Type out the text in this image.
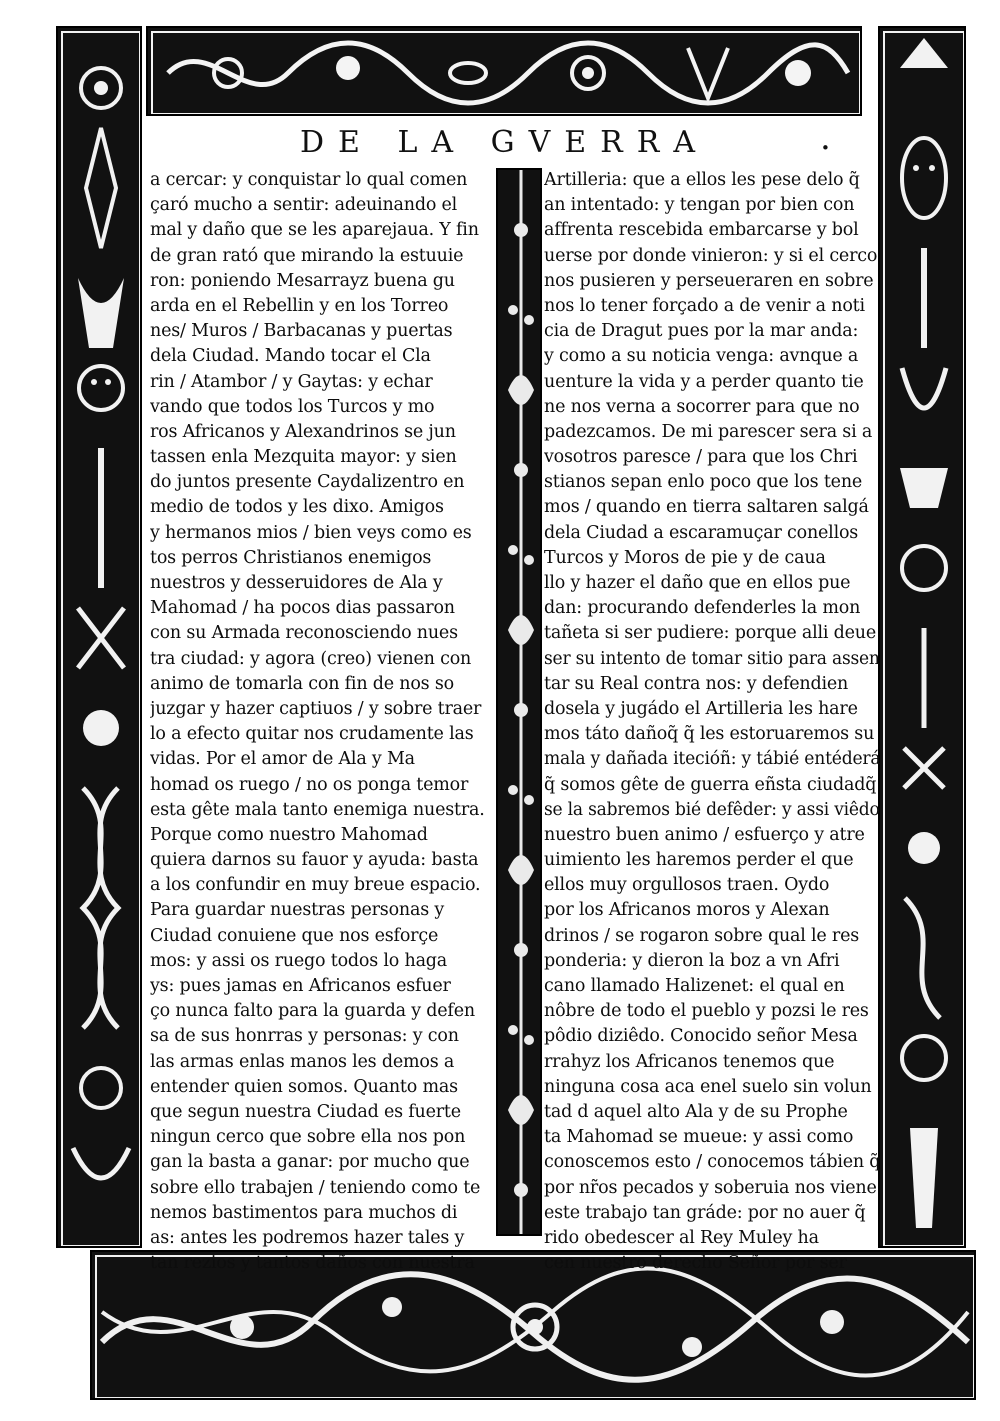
DE LA GVERRA	.
a cercar: y conquistar lo qual comen
çaró mucho a sentir: adeuinando el
mal y daño que se les aparejaua. Y fin
de gran rató que mirando la estuuie
ron: poniendo Mesarrayz buena gu
arda en el Rebellin y en los Torreo
nes/ Muros / Barbacanas y puertas
dela Ciudad. Mando tocar el Cla
rin / Atambor / y Gaytas: y echar
vando que todos los Turcos y mo
ros Africanos y Alexandrinos se jun
tassen enla Mezquita mayor: y sien
do juntos presente Caydalizentro en
medio de todos y les dixo. Amigos
y hermanos mios / bien veys como es
tos perros Christianos enemigos
nuestros y desseruidores de Ala y
Mahomad / ha pocos dias passaron
con su Armada reconosciendo nues
tra ciudad: y agora (creo) vienen con
animo de tomarla con fin de nos so
juzgar y hazer captiuos / y sobre traer
lo a efecto quitar nos crudamente las
vidas. Por el amor de Ala y Ma
homad os ruego / no os ponga temor
esta gête mala tanto enemiga nuestra.
Porque como nuestro Mahomad
quiera darnos su fauor y ayuda: basta
a los confundir en muy breue espacio.
Para guardar nuestras personas y
Ciudad conuiene que nos esforçe
mos: y assi os ruego todos lo haga
ys: pues jamas en Africanos esfuer
ço nunca falto para la guarda y defen
sa de sus honrras y personas: y con
las armas enlas manos les demos a
entender quien somos. Quanto mas
que segun nuestra Ciudad es fuerte
ningun cerco que sobre ella nos pon
gan la basta a ganar: por mucho que
sobre ello trabajen / teniendo como te
nemos bastimentos para muchos di
as: antes les podremos hazer tales y
tan rezios y tantos daños con nuestra
Artilleria: que a ellos les pese delo q̃
an intentado: y tengan por bien con
affrenta rescebida embarcarse y bol
uerse por donde vinieron: y si el cerco
nos pusieren y perseueraren en sobre
nos lo tener forçado a de venir a noti
cia de Dragut pues por la mar anda:
y como a su noticia venga: avnque a
uenture la vida y a perder quanto tie
ne nos verna a socorrer para que no
padezcamos. De mi parescer sera si a
vosotros paresce / para que los Chri
stianos sepan enlo poco que los tene
mos / quando en tierra saltaren salgá
dela Ciudad a escaramuçar conellos
Turcos y Moros de pie y de caua
llo y hazer el daño que en ellos pue
dan: procurando defenderles la mon
tañeta si ser pudiere: porque alli deue
ser su intento de tomar sitio para assen
tar su Real contra nos: y defendien
dosela y jugádo el Artilleria les hare
mos táto dañoq̃ q̃ les estoruaremos su
mala y dañada itecióñ: y tábié entéderá
q̃ somos gête de guerra eñsta ciudadq̃
se la sabremos bié defêder: y assi viêdo
nuestro buen animo / esfuerço y atre
uimiento les haremos perder el que
ellos muy orgullosos traen. Oydo
por los Africanos moros y Alexan
drinos / se rogaron sobre qual le res
ponderia: y dieron la boz a vn Afri
cano llamado Halizenet: el qual en
nôbre de todo el pueblo y pozsi le res
pôdio diziêdo. Conocido señor Mesa
rrahyz los Africanos tenemos que
ninguna cosa aca enel suelo sin volun
tad d aquel alto Ala y de su Prophe
ta Mahomad se mueue: y assi como
conoscemos esto / conocemos tábien q̃
por nr̃os pecados y soberuia nos viene
este trabajo tan gráde: por no auer q̃
rido obedescer al Rey Muley ha
cen nuestro derecho Señor por ser
